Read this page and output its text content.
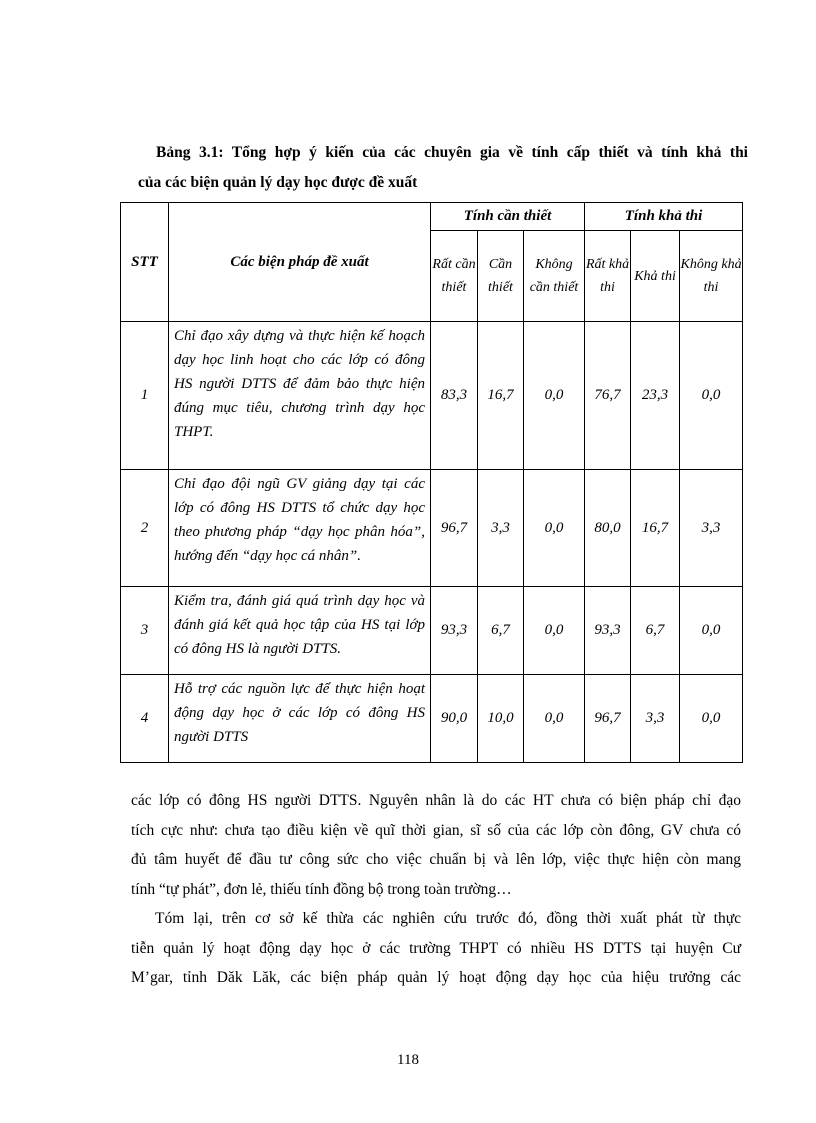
Bảng 3.1: Tổng hợp ý kiến của các chuyên gia về tính cấp thiết và tính khả thi
của các biện quản lý dạy học được đề xuất
STT	Các biện pháp đề xuất	Tính cần thiết			Tính khả thi		
		Rất cần thiết	Cần thiết	Không cần thiết	Rất khả thi	Khả thi	Không khả thi
1	Chỉ đạo xây dựng và thực hiện kế hoạch dạy học linh hoạt cho các lớp có đông HS người DTTS để đảm bảo thực hiện đúng mục tiêu, chương trình dạy học THPT.	83,3	16,7	0,0	76,7	23,3	0,0
2	Chỉ đạo đội ngũ GV giảng dạy tại các lớp có đông HS DTTS tổ chức dạy học theo phương pháp “dạy học phân hóa”, hướng đến “dạy học cá nhân”.	96,7	3,3	0,0	80,0	16,7	3,3
3	Kiểm tra, đánh giá quá trình dạy học và đánh giá kết quả học tập của HS tại lớp có đông HS là người DTTS.	93,3	6,7	0,0	93,3	6,7	0,0
4	Hỗ trợ các nguồn lực để thực hiện hoạt động dạy học ở các lớp có đông HS người DTTS	90,0	10,0	0,0	96,7	3,3	0,0

các lớp có đông HS người DTTS. Nguyên nhân là do các HT chưa có biện pháp chỉ đạo

tích cực như: chưa tạo điều kiện về quĩ thời gian, sĩ số của các lớp còn đông, GV chưa có

đủ tâm huyết để đầu tư công sức cho việc chuẩn bị và lên lớp, việc thực hiện còn mang

tính “tự phát”, đơn lẻ, thiếu tính đồng bộ trong toàn trường…

Tóm lại, trên cơ sở kế thừa các nghiên cứu trước đó, đồng thời xuất phát từ thực

tiễn quản lý hoạt động dạy học ở các trường THPT có nhiều HS DTTS tại huyện Cư

M’gar, tỉnh Dăk Lăk, các biện pháp quản lý hoạt động dạy học của hiệu trưởng các

118
